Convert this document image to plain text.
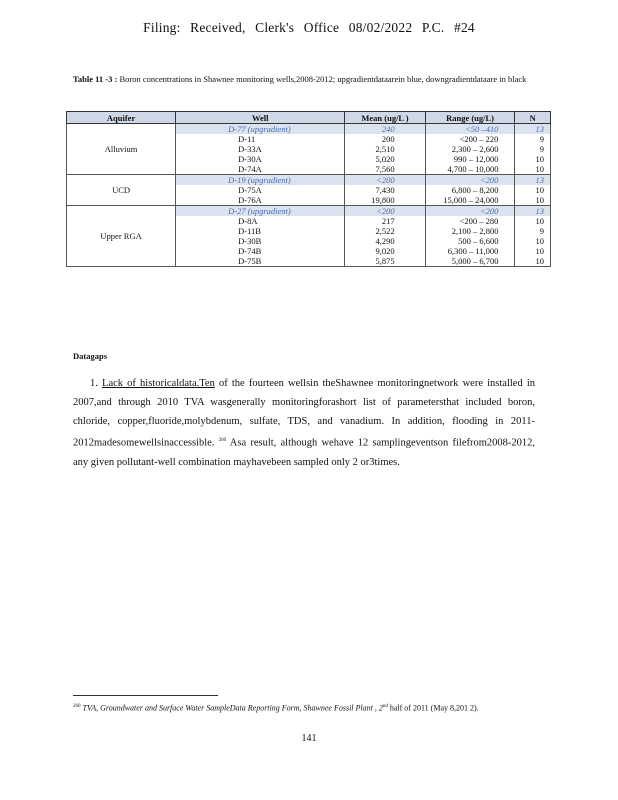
Filing: Received, Clerk's Office 08/02/2022 P.C. #24
Table 11 -3 : Boron concentrations in Shawnee monitoring wells,2008-2012; upgradientdataarein blue, downgradientdataare in black
Aquifer	Well	Mean (ug/L )	Range (ug/L)	N
Alluvium	D-77 (upgradient)	240	<50 –410	13
	D-11	200	<200 – 220	9
	D-33A	2,510	2,300 – 2,600	9
	D-30A	5,020	990 – 12,000	10
	D-74A	7,560	4,700 – 10,000	10
UCD	D-19 (upgradient)	<200	<200	13
	D-75A	7,430	6,800 – 8,200	10
	D-76A	19,800	15,000 – 24,000	10
Upper RGA	D-27 (upgradient)	<200	<200	13
	D-8A	217	<200 – 280	10
	D-11B	2,522	2,100 – 2,800	9
	D-30B	4,290	500 – 6,600	10
	D-74B	9,020	6,300 – 11,000	10
	D-75B	5,875	5,000 – 6,700	10
Datagaps
1. Lack of historicaldata.Ten of the fourteen wellsin theShawnee monitoringnetwork were installed in 2007,and through 2010 TVA wasgenerally monitoringforashort list of parametersthat included boron, chloride, copper,fluoride,molybdenum, sulfate, TDS, and vanadium. In addition, flooding in 2011-2012madesomewellsinaccessible. $^{260}$ Asa result, although wehave 12 samplingeventson filefrom2008-2012, any given pollutant-well combination mayhavebeen sampled only 2 or3times.
$^{260}$ TVA, Groundwater and Surface Water SampleData Reporting Form, Shawnee Fossil Plant , 2nd half of 2011 (May 8,201 2).
141
